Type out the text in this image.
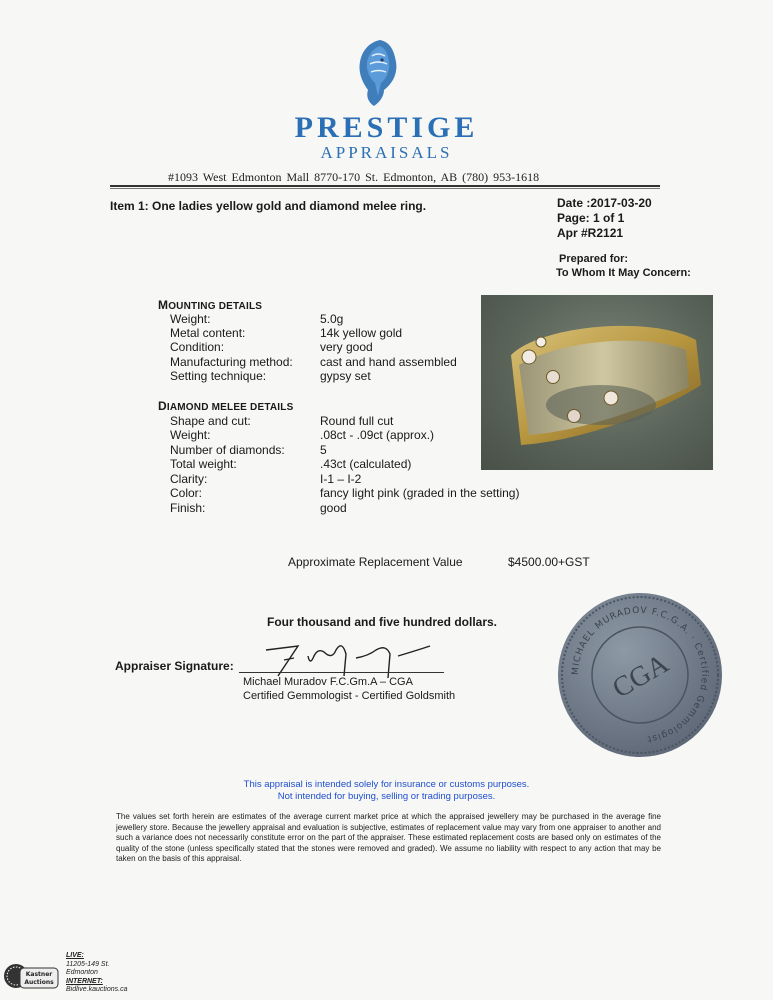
PRESTIGE
APPRAISALS
#1093 West Edmonton Mall 8770-170 St. Edmonton, AB (780) 953-1618
Item 1: One ladies yellow gold and diamond melee ring.	Date :2017-03-20
Page: 1 of 1
Apr #R2121
Prepared for:
To Whom It May Concern:
MOUNTING DETAILS
Weight:	5.0g
Metal content:	14k yellow gold
Condition:	very good
Manufacturing method: cast and hand assembled
Setting technique:	gypsy set
DIAMOND MELEE DETAILS
Shape and cut:	Round full cut
Weight:	.08ct - .09ct (approx.)
Number of diamonds:	5
Total weight:	.43ct (calculated)
Clarity:	I-1 – I-2
Color:	fancy light pink (graded in the setting)
Finish:	good
Approximate Replacement Value	$4500.00+GST
Four thousand and five hundred dollars.
Appraiser Signature:
Michael Muradov F.C.Gm.A – CGA
Certified Gemmologist - Certified Goldsmith
MICHAEL MURADOV F.C.G.A. · Certified Gemmologist
CGA
This appraisal is intended solely for insurance or customs purposes.
Not intended for buying, selling or trading purposes.
The values set forth herein are estimates of the average current market price at which the appraised jewellery may be purchased in the average fine jewellery store. Because the jewellery appraisal and evaluation is subjective, estimates of replacement value may vary from one appraiser to another and such a variance does not necessarily constitute error on the part of the appraiser. These estimated replacement costs are based only on estimates of the quality of the stone (unless specifically stated that the stones were removed and graded). We assume no liability with respect to any action that may be taken on the basis of this appraisal.
Kastner
Auctions
LIVE:
11205-149 St.
Edmonton
INTERNET:
Bidlive.kauctions.ca
